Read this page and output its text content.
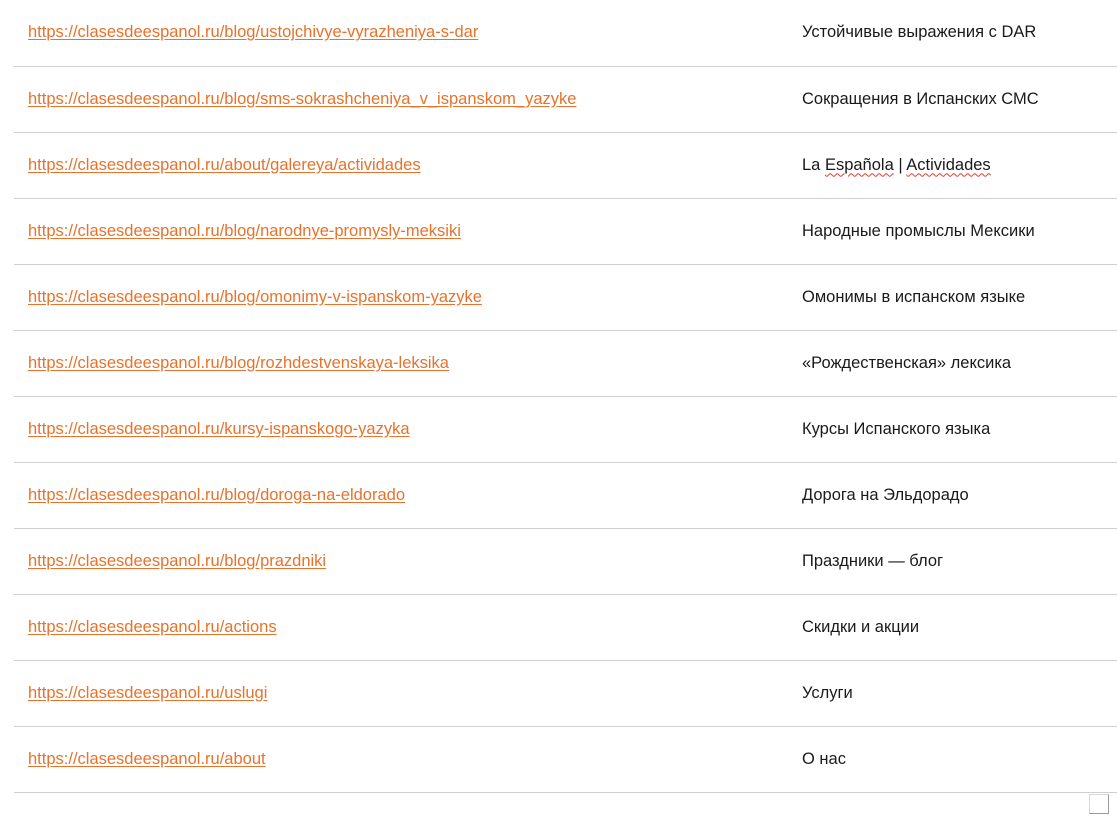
https://clasesdeespanol.ru/blog/ustojchivye-vyrazheniya-s-dar	Устойчивые выражения с DAR
https://clasesdeespanol.ru/blog/sms-sokrashcheniya_v_ispanskom_yazyke	Сокращения в Испанских СМС
https://clasesdeespanol.ru/about/galereya/actividades	La Española | Actividades
https://clasesdeespanol.ru/blog/narodnye-promysly-meksiki	Народные промыслы Мексики
https://clasesdeespanol.ru/blog/omonimy-v-ispanskom-yazyke	Омонимы в испанском языке
https://clasesdeespanol.ru/blog/rozhdestvenskaya-leksika	«Рождественская» лексика
https://clasesdeespanol.ru/kursy-ispanskogo-yazyka	Курсы Испанского языка
https://clasesdeespanol.ru/blog/doroga-na-eldorado	Дорога на Эльдорадо
https://clasesdeespanol.ru/blog/prazdniki	Праздники — блог
https://clasesdeespanol.ru/actions	Скидки и акции
https://clasesdeespanol.ru/uslugi	Услуги
https://clasesdeespanol.ru/about	О нас
